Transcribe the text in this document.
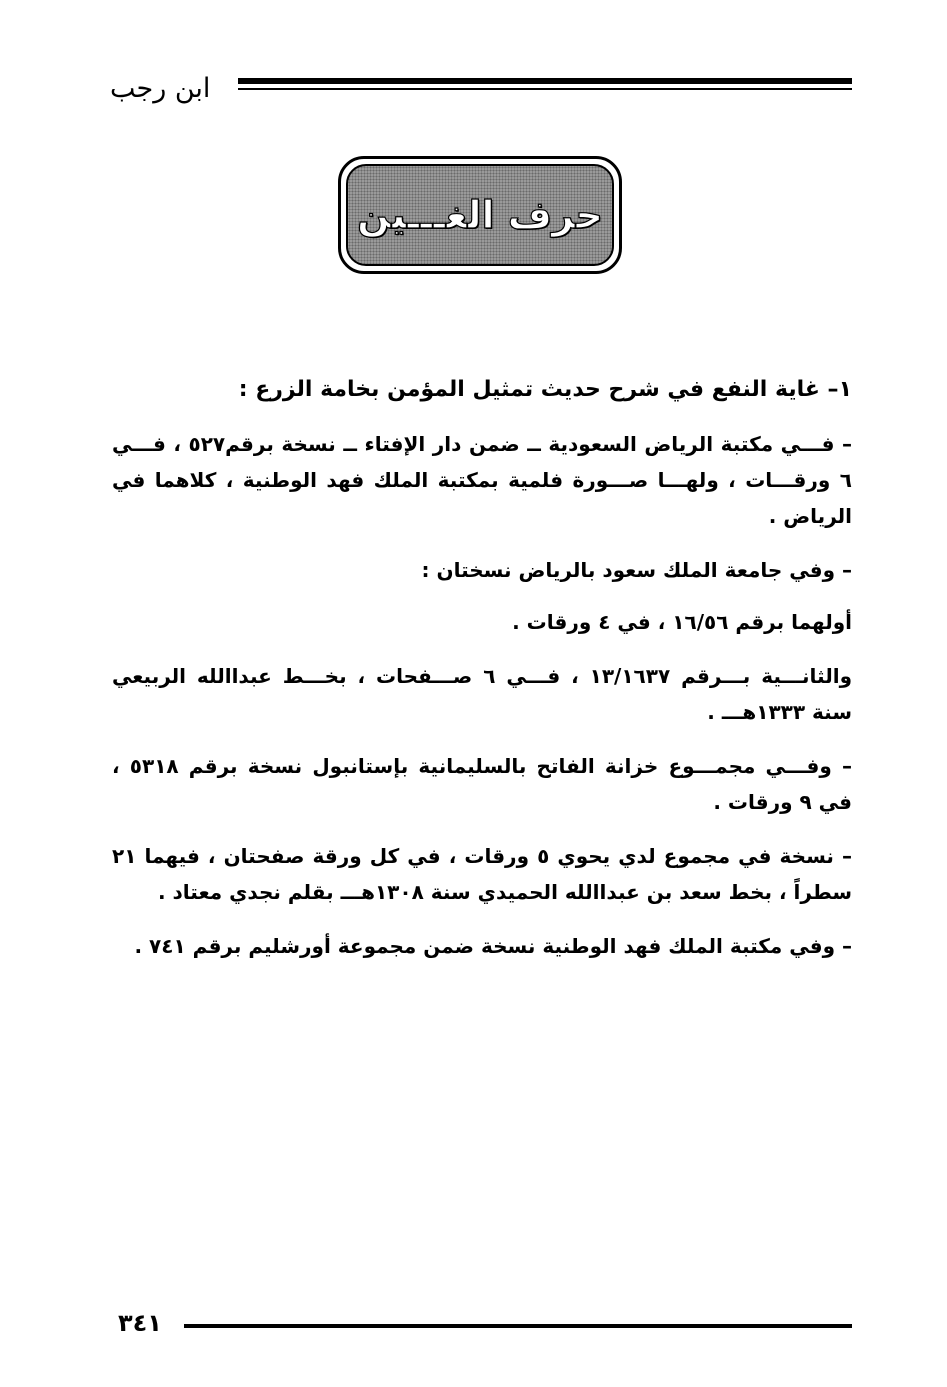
ابن رجب
حرف الغـــين

١– غاية النفع في شرح حديث تمثيل المؤمن بخامة الزرع :

– فـــي مكتبة الرياض السعودية ــ ضمن دار الإفتاء ــ نسخة برقم٥٢٧ ، فـــي ٦ ورقـــات ، ولهـــا صـــورة فلمية بمكتبة الملك فهد الوطنية ، كلاهما في الرياض .

– وفي جامعة الملك سعود بالرياض نسختان :

أولهما برقم ١٦/٥٦ ، في ٤ ورقات .

والثانـــية بـــرقم ١٣/١٦٣٧ ، فـــي ٦ صـــفحات ، بخـــط عبداالله الربيعي سنة ١٣٣٣هـــ .

– وفـــي مجمـــوع خزانة الفاتح بالسليمانية بإستانبول نسخة برقم ٥٣١٨ ، في ٩ ورقات .

– نسخة في مجموع لدي يحوي ٥ ورقات ، في كل ورقة صفحتان ، فيهما ٢١ سطراً ، بخط سعد بن عبداالله الحميدي سنة ١٣٠٨هـــ بقلم نجدي معتاد .

– وفي مكتبة الملك فهد الوطنية نسخة ضمن مجموعة أورشليم برقم ٧٤١ .

٣٤١
